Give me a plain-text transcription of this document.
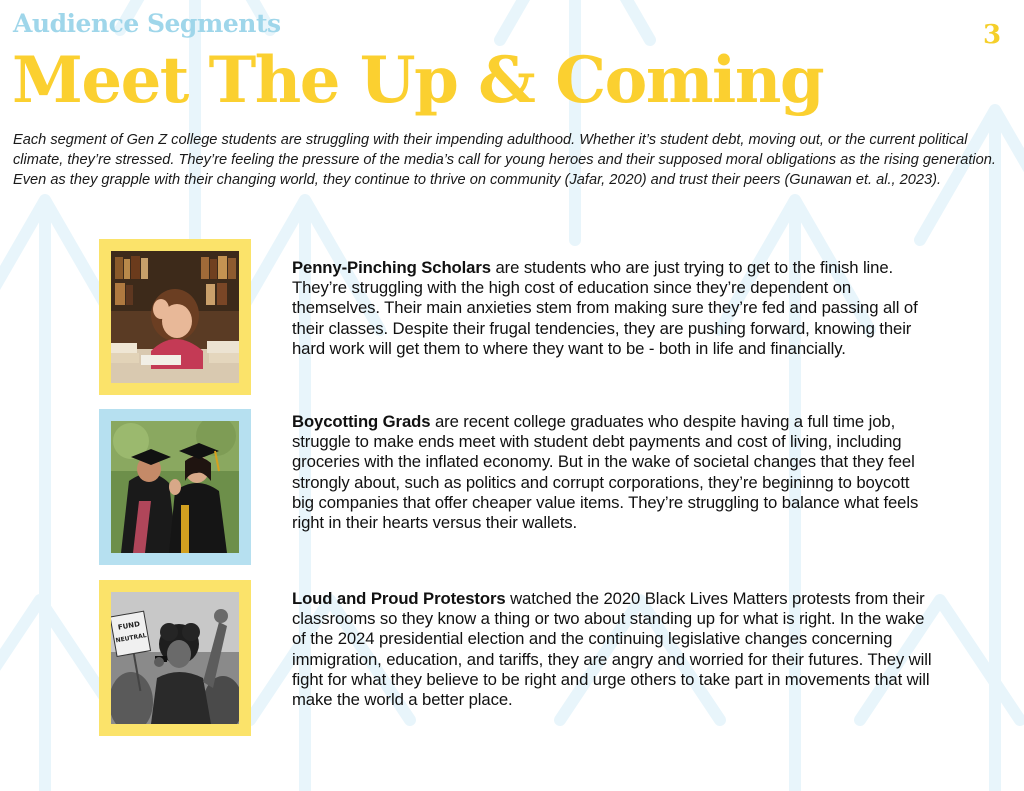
Audience Segments	3
Meet The Up & Coming
Each segment of Gen Z college students are struggling with their impending adulthood. Whether it’s student debt, moving out, or the current political climate, they’re stressed. They’re feeling the pressure of the media’s call for young heroes and their supposed moral obligations as the rising generation. Even as they grapple with their changing world, they continue to thrive on community (Jafar, 2020) and trust their peers (Gunawan et. al., 2023).
Penny-Pinching Scholars are students who are just trying to get to the finish line. They’re struggling with the high cost of education since they’re dependent on themselves. Their main anxieties stem from making sure they’re fed and passing all of their classes. Despite their frugal tendencies, they are pushing forward, knowing their hard work will get them to where they want to be - both in life and financially.
Boycotting Grads are recent college graduates who despite having a full time job, struggle to make ends meet with student debt payments and cost of living, including groceries with the inflated economy. But in the wake of societal changes that they feel strongly about, such as politics and corrupt corporations, they’re begininng to boycott big companies that offer cheaper value items. They’re struggling to balance what feels right in their hearts versus their wallets.
FUND
NEUTRAL
Loud and Proud Protestors watched the 2020 Black Lives Matters protests from their classrooms so they know a thing or two about standing up for what is right. In the wake of the 2024 presidential election and the continuing legislative changes concerning immigration, education, and tariffs, they are angry and worried for their futures. They will fight for what they believe to be right and urge others to take part in movements that will make the world a better place.
